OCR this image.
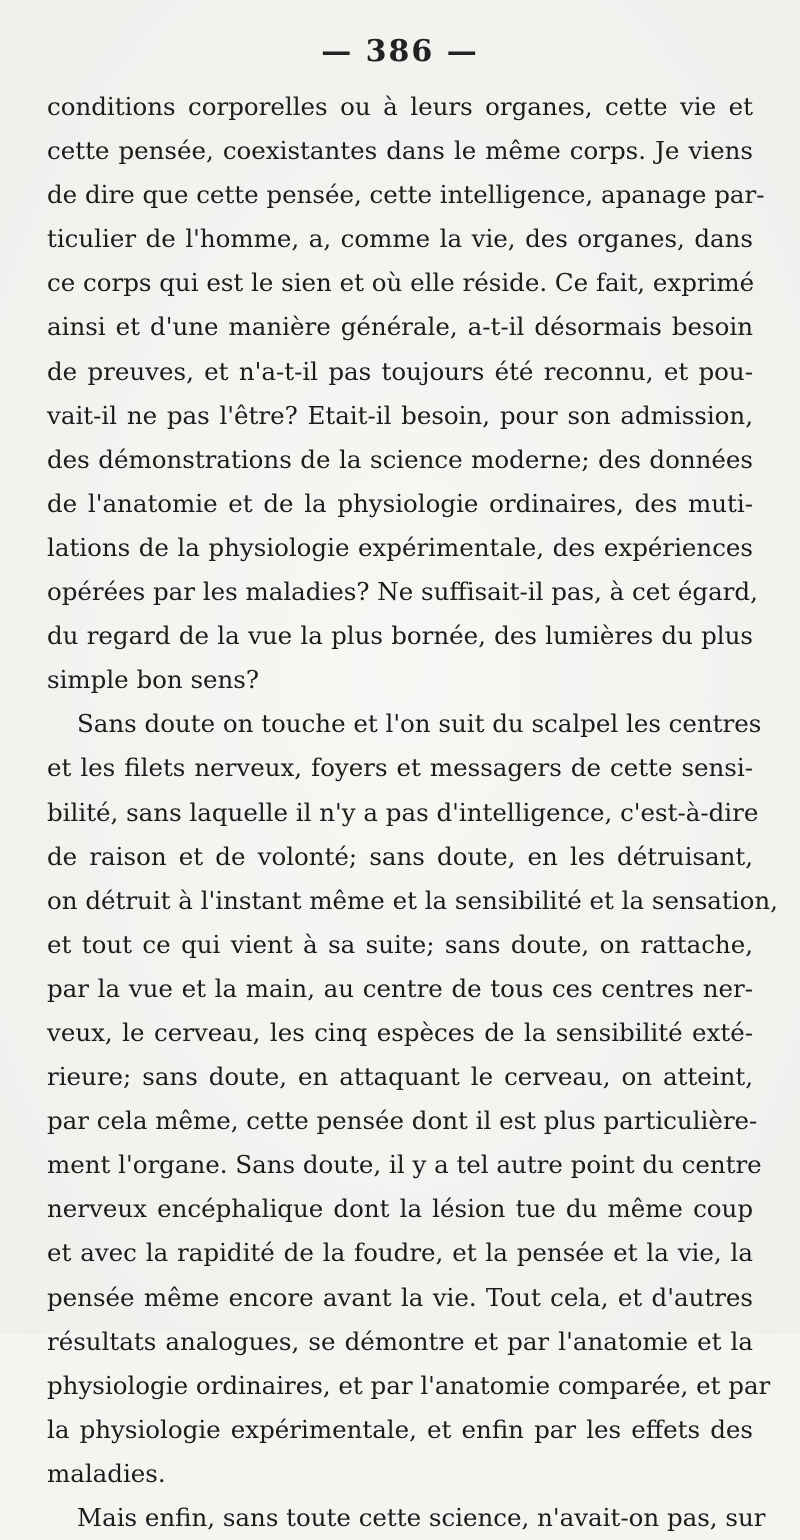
— 386 —
conditions corporelles ou à leurs organes, cette vie et
cette pensée, coexistantes dans le même corps. Je viens
de dire que cette pensée, cette intelligence, apanage par-
ticulier de l'homme, a, comme la vie, des organes, dans
ce corps qui est le sien et où elle réside. Ce fait, exprimé
ainsi et d'une manière générale, a-t-il désormais besoin
de preuves, et n'a-t-il pas toujours été reconnu, et pou-
vait-il ne pas l'être? Etait-il besoin, pour son admission,
des démonstrations de la science moderne; des données
de l'anatomie et de la physiologie ordinaires, des muti-
lations de la physiologie expérimentale, des expériences
opérées par les maladies? Ne suffisait-il pas, à cet égard,
du regard de la vue la plus bornée, des lumières du plus
simple bon sens?
Sans doute on touche et l'on suit du scalpel les centres
et les filets nerveux, foyers et messagers de cette sensi-
bilité, sans laquelle il n'y a pas d'intelligence, c'est-à-dire
de raison et de volonté; sans doute, en les détruisant,
on détruit à l'instant même et la sensibilité et la sensation,
et tout ce qui vient à sa suite; sans doute, on rattache,
par la vue et la main, au centre de tous ces centres ner-
veux, le cerveau, les cinq espèces de la sensibilité exté-
rieure; sans doute, en attaquant le cerveau, on atteint,
par cela même, cette pensée dont il est plus particulière-
ment l'organe. Sans doute, il y a tel autre point du centre
nerveux encéphalique dont la lésion tue du même coup
et avec la rapidité de la foudre, et la pensée et la vie, la
pensée même encore avant la vie. Tout cela, et d'autres
résultats analogues, se démontre et par l'anatomie et la
physiologie ordinaires, et par l'anatomie comparée, et par
la physiologie expérimentale, et enfin par les effets des
maladies.
Mais enfin, sans toute cette science, n'avait-on pas, sur
